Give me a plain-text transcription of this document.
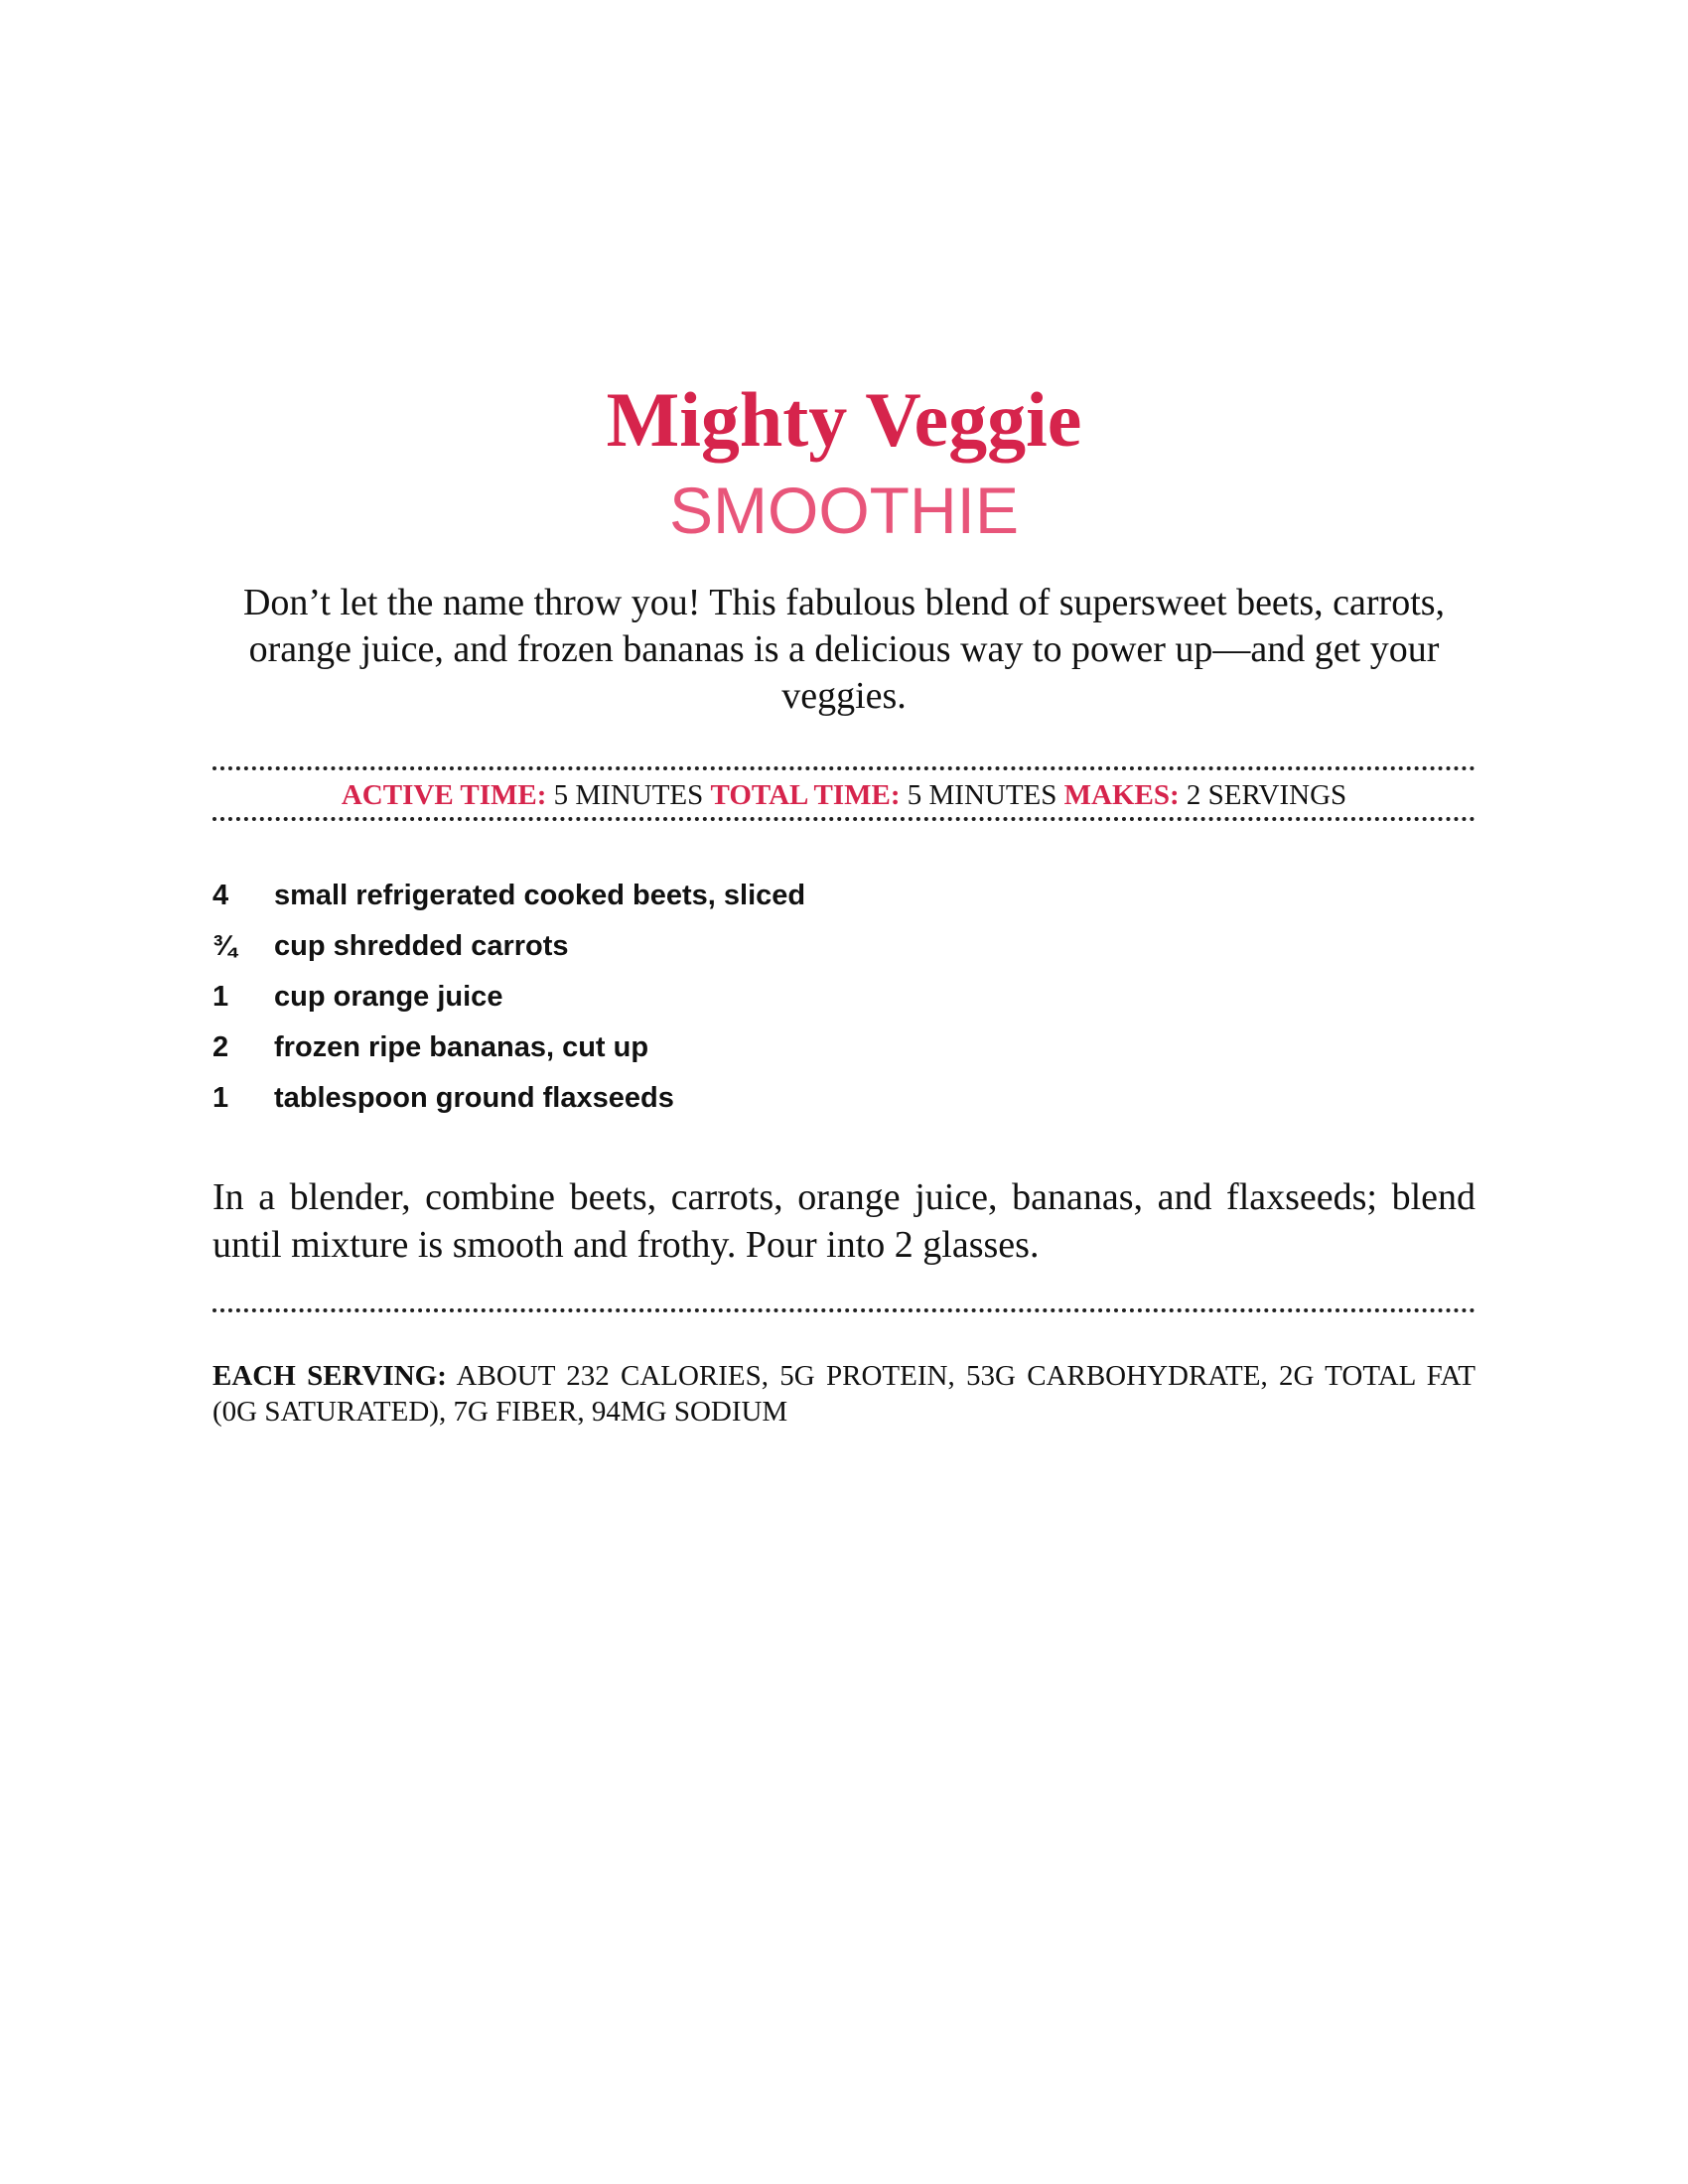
Mighty Veggie
SMOOTHIE
Don’t let the name throw you! This fabulous blend of supersweet beets, carrots, orange juice, and frozen bananas is a delicious way to power up—and get your veggies.
ACTIVE TIME: 5 MINUTES TOTAL TIME: 5 MINUTES MAKES: 2 SERVINGS
4	small refrigerated cooked beets, sliced
¾	cup shredded carrots
1	cup orange juice
2	frozen ripe bananas, cut up
1	tablespoon ground flaxseeds
In a blender, combine beets, carrots, orange juice, bananas, and flaxseeds; blend until mixture is smooth and frothy. Pour into 2 glasses.
EACH SERVING: ABOUT 232 CALORIES, 5G PROTEIN, 53G CARBOHYDRATE, 2G TOTAL FAT (0G SATURATED), 7G FIBER, 94MG SODIUM
